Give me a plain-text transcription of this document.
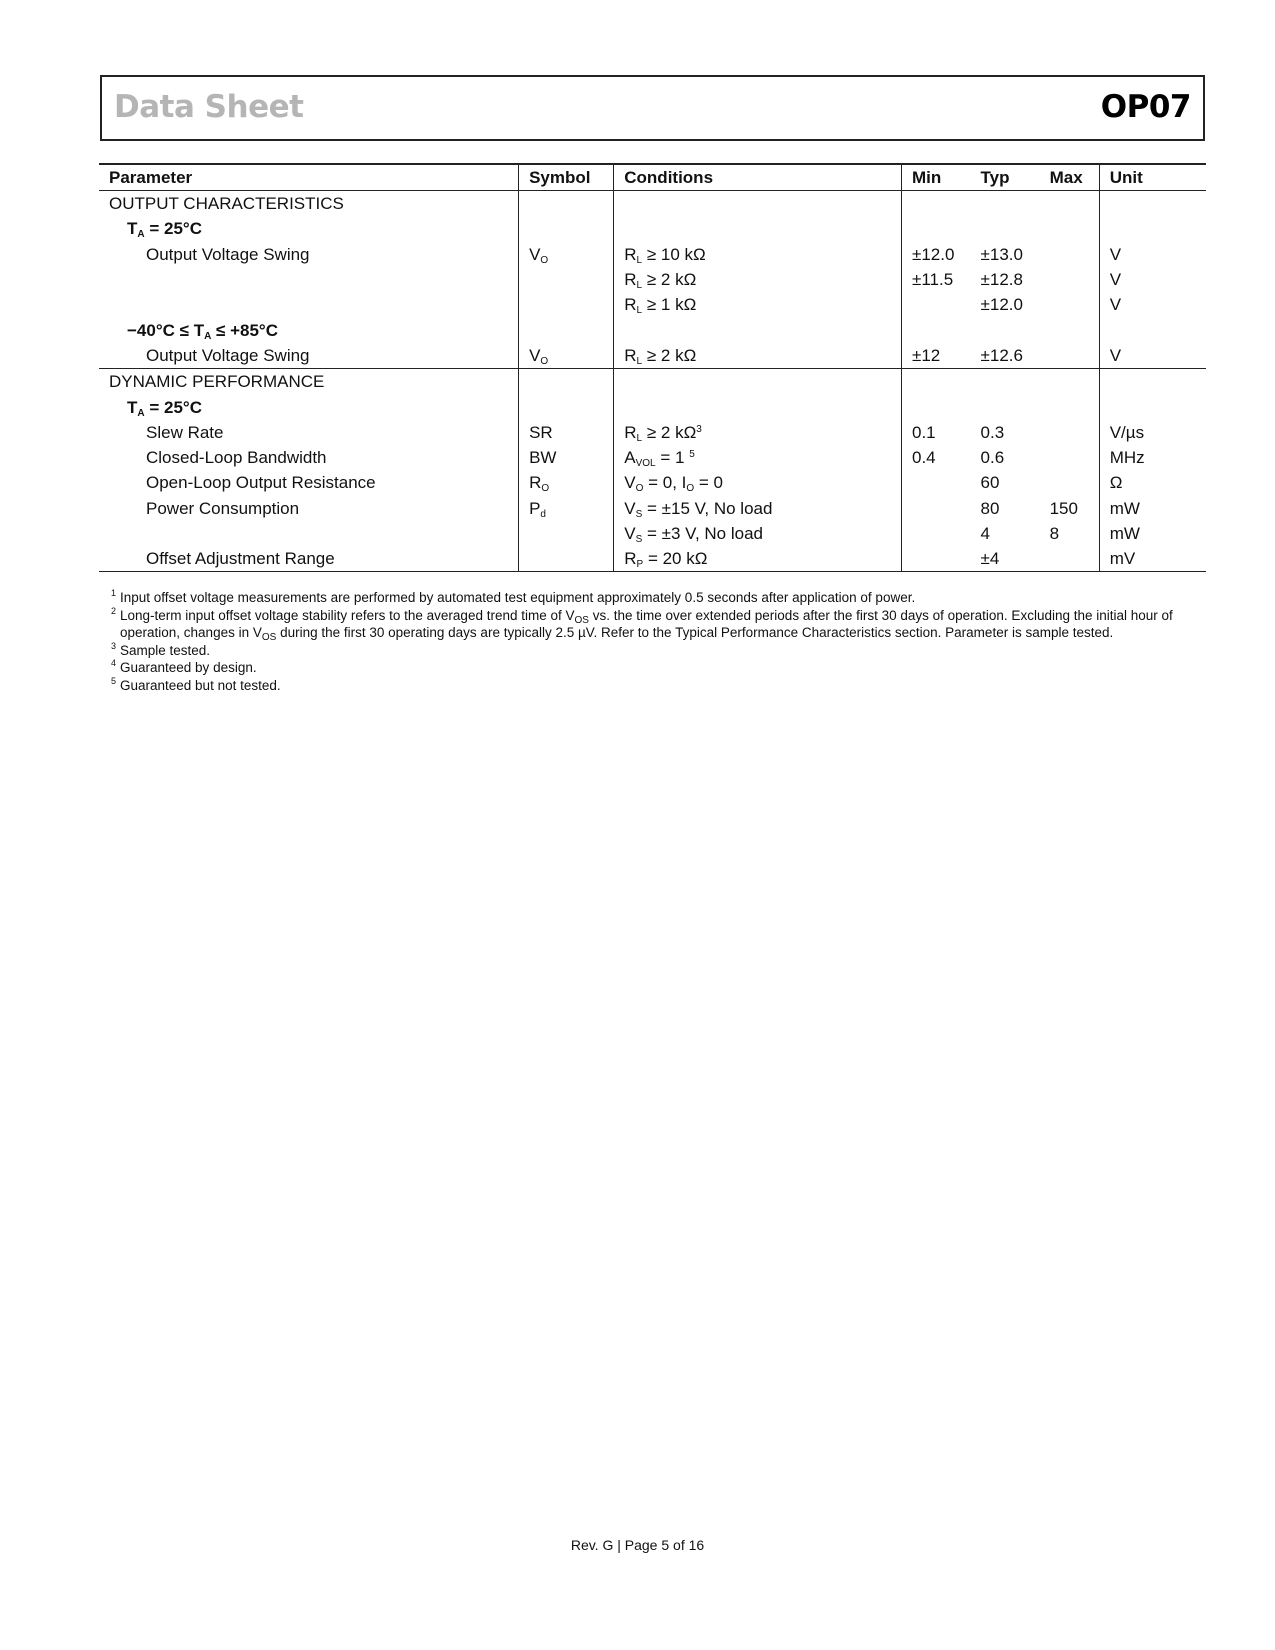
Data Sheet	OP07
Parameter	Symbol	Conditions	Min	Typ	Max	Unit
OUTPUT CHARACTERISTICS						
$T_A = 25^\circ C$						
Output Voltage Swing	$V_O$	$R_L \ge 10$ kΩ	±12.0	±13.0		V
		$R_L \ge 2$ kΩ	±11.5	±12.8		V
		$R_L \ge 1$ kΩ		±12.0		V
$-40^\circ C \le T_A \le +85^\circ C$						
Output Voltage Swing	$V_O$	$R_L \ge 2$ kΩ	±12	±12.6		V
DYNAMIC PERFORMANCE						
$T_A = 25^\circ C$						
Slew Rate	SR	$R_L \ge 2$ $k\Omega^3$	0.1	0.3		V/µs
Closed-Loop Bandwidth	BW	$A_{VOL} = 1$ $^5$	0.4	0.6		MHz
Open-Loop Output Resistance	$R_O$	$V_O = 0$, $I_O = 0$		60		Ω
Power Consumption	$P_d$	$V_S = \pm 15$ V, No load		80	150	mW
		$V_S = \pm 3$ V, No load		4	8	mW
Offset Adjustment Range		$R_P = 20$ kΩ		±4		mV
1 Input offset voltage measurements are performed by automated test equipment approximately 0.5 seconds after application of power.
2 Long-term input offset voltage stability refers to the averaged trend time of $V_{OS}$ vs. the time over extended periods after the first 30 days of operation. Excluding the initial hour of operation, changes in $V_{OS}$ during the first 30 operating days are typically 2.5 µV. Refer to the Typical Performance Characteristics section. Parameter is sample tested.
3 Sample tested.
4 Guaranteed by design.
5 Guaranteed but not tested.
Rev. G | Page 5 of 16
